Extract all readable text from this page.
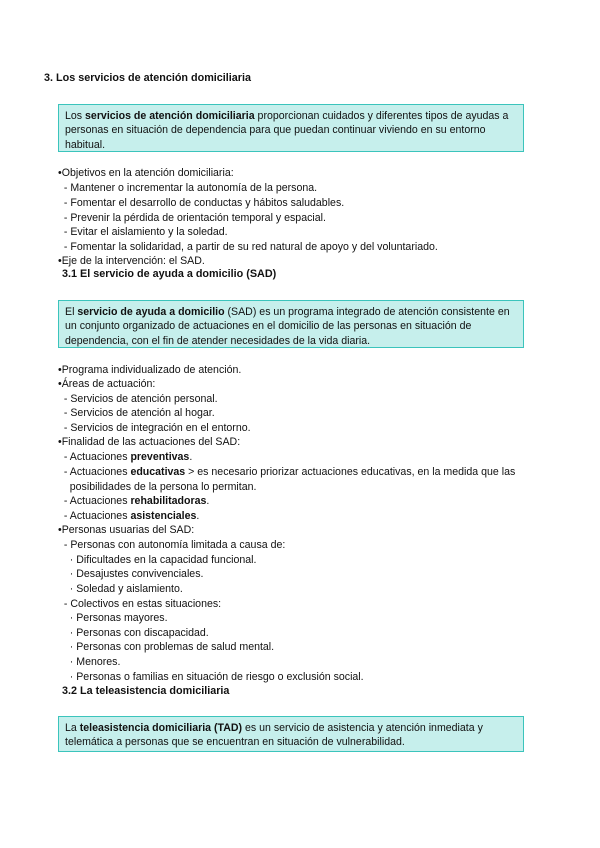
3. Los servicios de atención domiciliaria
Los servicios de atención domiciliaria proporcionan cuidados y diferentes tipos de ayudas a personas en situación de dependencia para que puedan continuar viviendo en su entorno habitual.
•Objetivos en la atención domiciliaria:
- Mantener o incrementar la autonomía de la persona.
- Fomentar el desarrollo de conductas y hábitos saludables.
- Prevenir la pérdida de orientación temporal y espacial.
- Evitar el aislamiento y la soledad.
- Fomentar la solidaridad, a partir de su red natural de apoyo y del voluntariado.
•Eje de la intervención: el SAD.
3.1 El servicio de ayuda a domicilio (SAD)
El servicio de ayuda a domicilio (SAD) es un programa integrado de atención consistente en un conjunto organizado de actuaciones en el domicilio de las personas en situación de dependencia, con el fin de atender necesidades de la vida diaria.
•Programa individualizado de atención.
•Áreas de actuación:
- Servicios de atención personal.
- Servicios de atención al hogar.
- Servicios de integración en el entorno.
•Finalidad de las actuaciones del SAD:
- Actuaciones preventivas.
- Actuaciones educativas > es necesario priorizar actuaciones educativas, en la medida que las
posibilidades de la persona lo permitan.
- Actuaciones rehabilitadoras.
- Actuaciones asistenciales.
•Personas usuarias del SAD:
- Personas con autonomía limitada a causa de:
· Dificultades en la capacidad funcional.
· Desajustes convivenciales.
· Soledad y aislamiento.
- Colectivos en estas situaciones:
· Personas mayores.
· Personas con discapacidad.
· Personas con problemas de salud mental.
· Menores.
· Personas o familias en situación de riesgo o exclusión social.
3.2 La teleasistencia domiciliaria
La teleasistencia domiciliaria (TAD) es un servicio de asistencia y atención inmediata y telemática a personas que se encuentran en situación de vulnerabilidad.
